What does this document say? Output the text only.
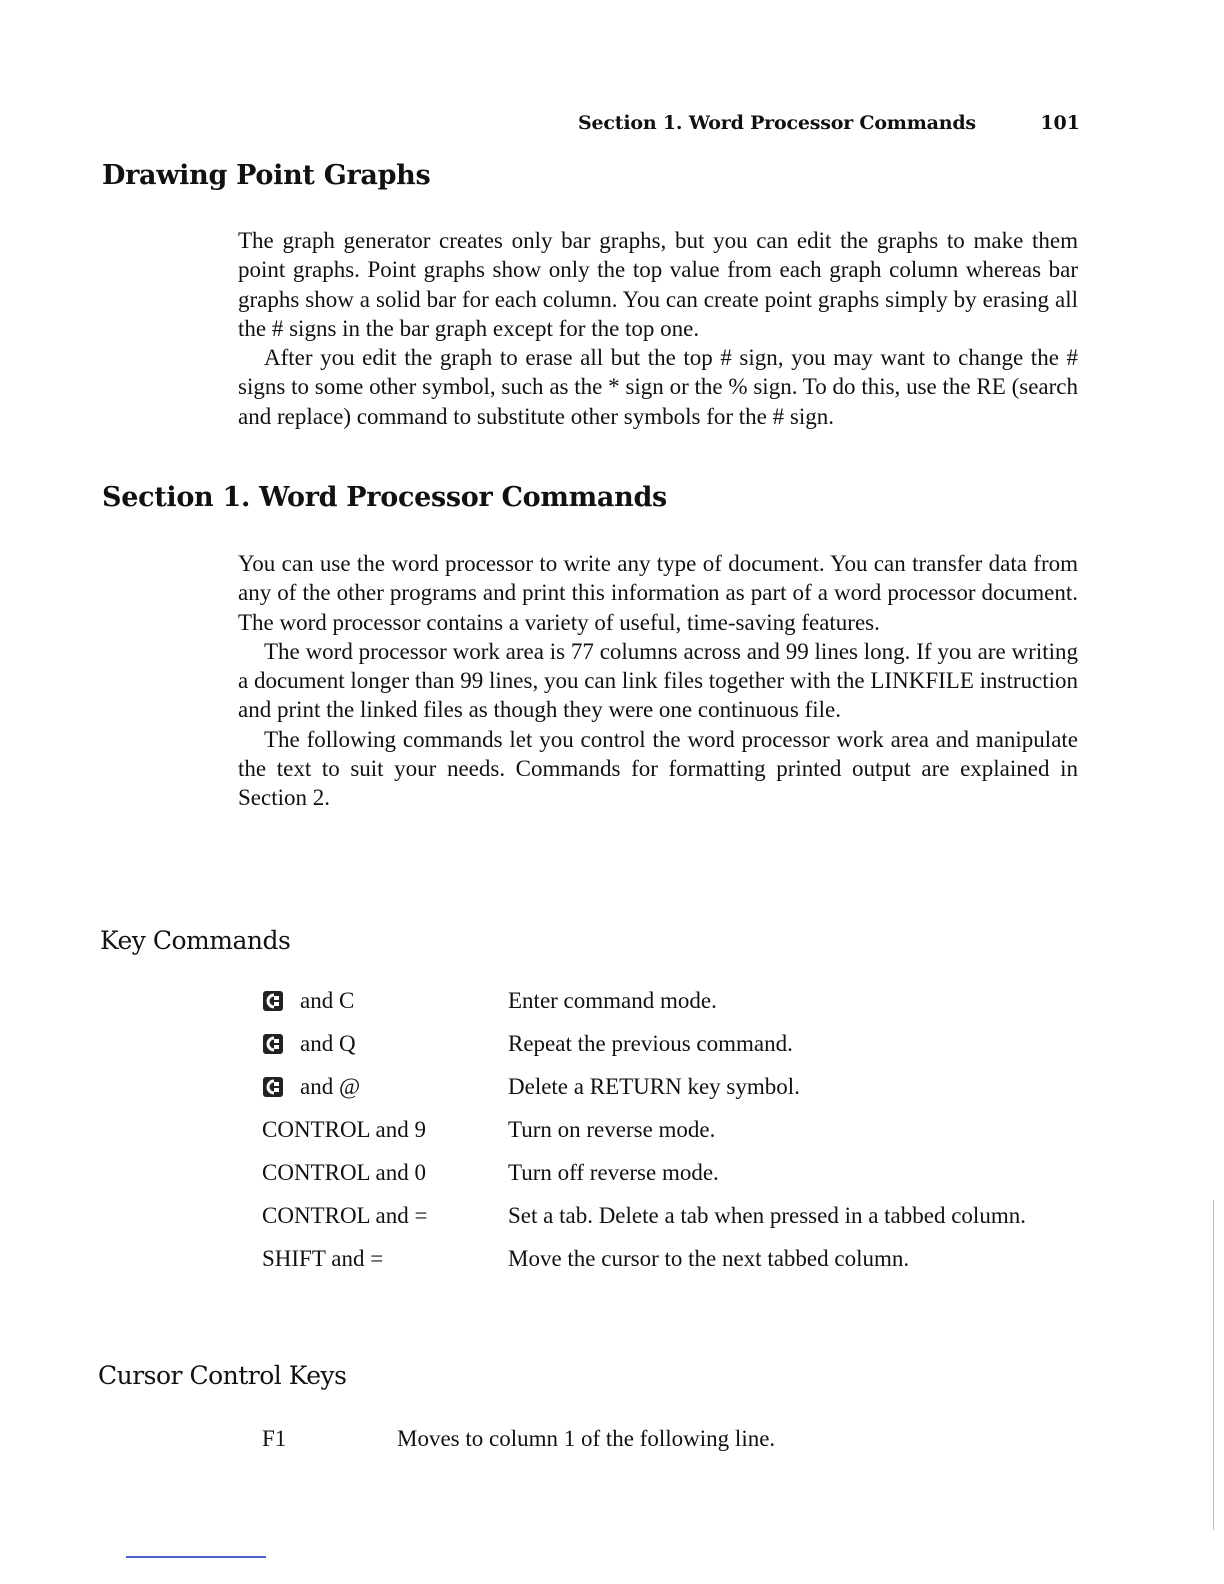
Section 1. Word Processor Commands	101
Drawing Point Graphs

The graph generator creates only bar graphs, but you can edit the graphs to make them point graphs. Point graphs show only the top value from each graph column whereas bar graphs show a solid bar for each column. You can create point graphs simply by erasing all the # signs in the bar graph except for the top one.

After you edit the graph to erase all but the top # sign, you may want to change the # signs to some other symbol, such as the * sign or the % sign. To do this, use the RE (search and replace) command to substitute other symbols for the # sign.

Section 1. Word Processor Commands

You can use the word processor to write any type of document. You can transfer data from any of the other programs and print this information as part of a word processor document. The word processor contains a variety of useful, time-saving features.

The word processor work area is 77 columns across and 99 lines long. If you are writing a document longer than 99 lines, you can link files together with the LINKFILE instruction and print the linked files as though they were one continuous file.

The following commands let you control the word processor work area and manipulate the text to suit your needs. Commands for formatting printed output are explained in Section 2.

Key Commands
and C	Enter command mode.
and Q	Repeat the previous command.
and @	Delete a RETURN key symbol.
CONTROL and 9	Turn on reverse mode.
CONTROL and 0	Turn off reverse mode.
CONTROL and =	Set a tab. Delete a tab when pressed in a tabbed column.
SHIFT and =	Move the cursor to the next tabbed column.
Cursor Control Keys
F1	Moves to column 1 of the following line.
